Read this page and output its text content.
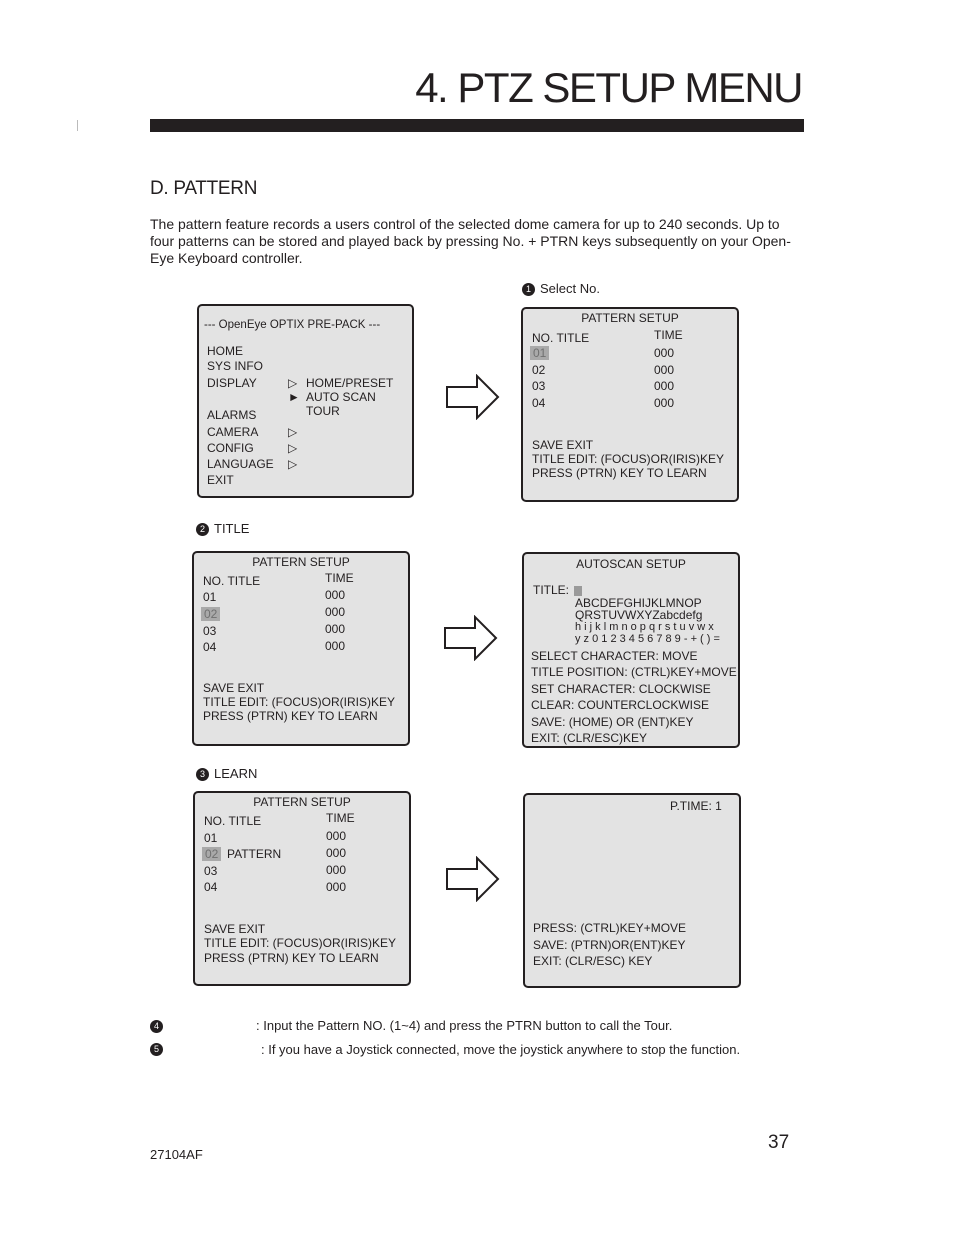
4. PTZ SETUP MENU
D. PATTERN
The pattern feature records a users control of the selected dome camera for up to 240 seconds. Up to four patterns can be stored and played back by pressing No. + PTRN keys subsequently on your Open-Eye Keyboard controller.
1 Select No.
--- OpenEye OPTIX PRE-PACK ---
HOME
SYS INFO
DISPLAY	▷ HOME/PRESET
► AUTO SCAN
TOUR
ALARMS
CAMERA ▷
CONFIG	▷
LANGUAGE ▷
EXIT
PATTERN SETUP
NO. TITLE	TIME
01	000
02	000
03	000
04	000
SAVE EXIT
TITLE EDIT: (FOCUS)OR(IRIS)KEY
PRESS (PTRN) KEY TO LEARN
2 TITLE
PATTERN SETUP
NO. TITLE	TIME
01	000
02	000
03	000
04	000
SAVE EXIT
TITLE EDIT: (FOCUS)OR(IRIS)KEY
PRESS (PTRN) KEY TO LEARN
AUTOSCAN SETUP
TITLE:
ABCDEFGHIJKLMNOP
QRSTUVWXYZabcdefg
h i j k l m n o p q r s t u v w x
y z 0 1 2 3 4 5 6 7 8 9 - + ( ) =
SELECT CHARACTER: MOVE
TITLE POSITION: (CTRL)KEY+MOVE
SET CHARACTER: CLOCKWISE
CLEAR: COUNTERCLOCKWISE
SAVE: (HOME) OR (ENT)KEY
EXIT: (CLR/ESC)KEY
3 LEARN
PATTERN SETUP
NO. TITLE	TIME
01	000
02 PATTERN	000
03	000
04	000
SAVE EXIT
TITLE EDIT: (FOCUS)OR(IRIS)KEY
PRESS (PTRN) KEY TO LEARN
P.TIME: 1
PRESS: (CTRL)KEY+MOVE
SAVE: (PTRN)OR(ENT)KEY
EXIT: (CLR/ESC) KEY
4	: Input the Pattern NO. (1~4) and press the PTRN button to call the Tour.
5	: If you have a Joystick connected, move the joystick anywhere to stop the function.
37
27104AF
